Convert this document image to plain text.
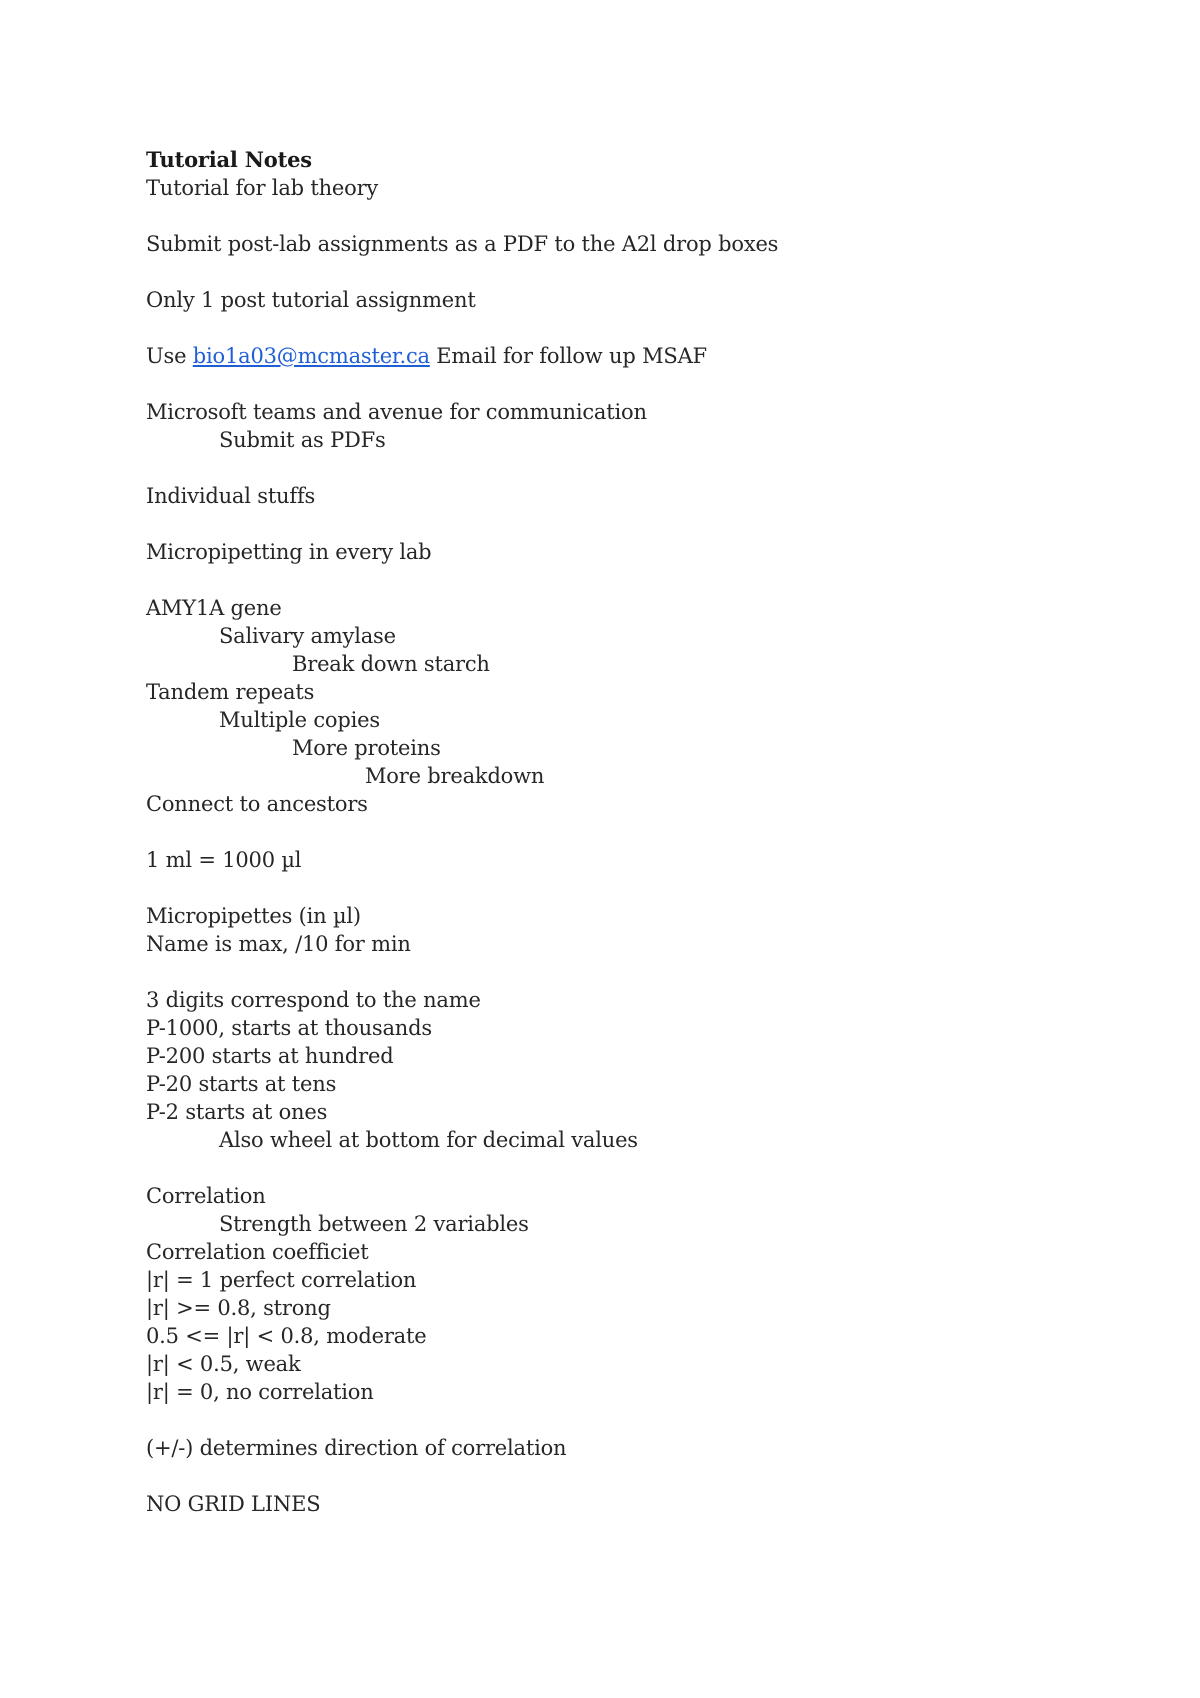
Tutorial Notes
Tutorial for lab theory
Submit post-lab assignments as a PDF to the A2l drop boxes
Only 1 post tutorial assignment
Use bio1a03@mcmaster.ca Email for follow up MSAF
Microsoft teams and avenue for communication
Submit as PDFs
Individual stuffs
Micropipetting in every lab
AMY1A gene
Salivary amylase
Break down starch
Tandem repeats
Multiple copies
More proteins
More breakdown
Connect to ancestors
1 ml = 1000 µl
Micropipettes (in µl)
Name is max, /10 for min
3 digits correspond to the name
P-1000, starts at thousands
P-200 starts at hundred
P-20 starts at tens
P-2 starts at ones
Also wheel at bottom for decimal values
Correlation
Strength between 2 variables
Correlation coefficiet
|r| = 1 perfect correlation
|r| >= 0.8, strong
0.5 <= |r| < 0.8, moderate
|r| < 0.5, weak
|r| = 0, no correlation
(+/-) determines direction of correlation
NO GRID LINES
